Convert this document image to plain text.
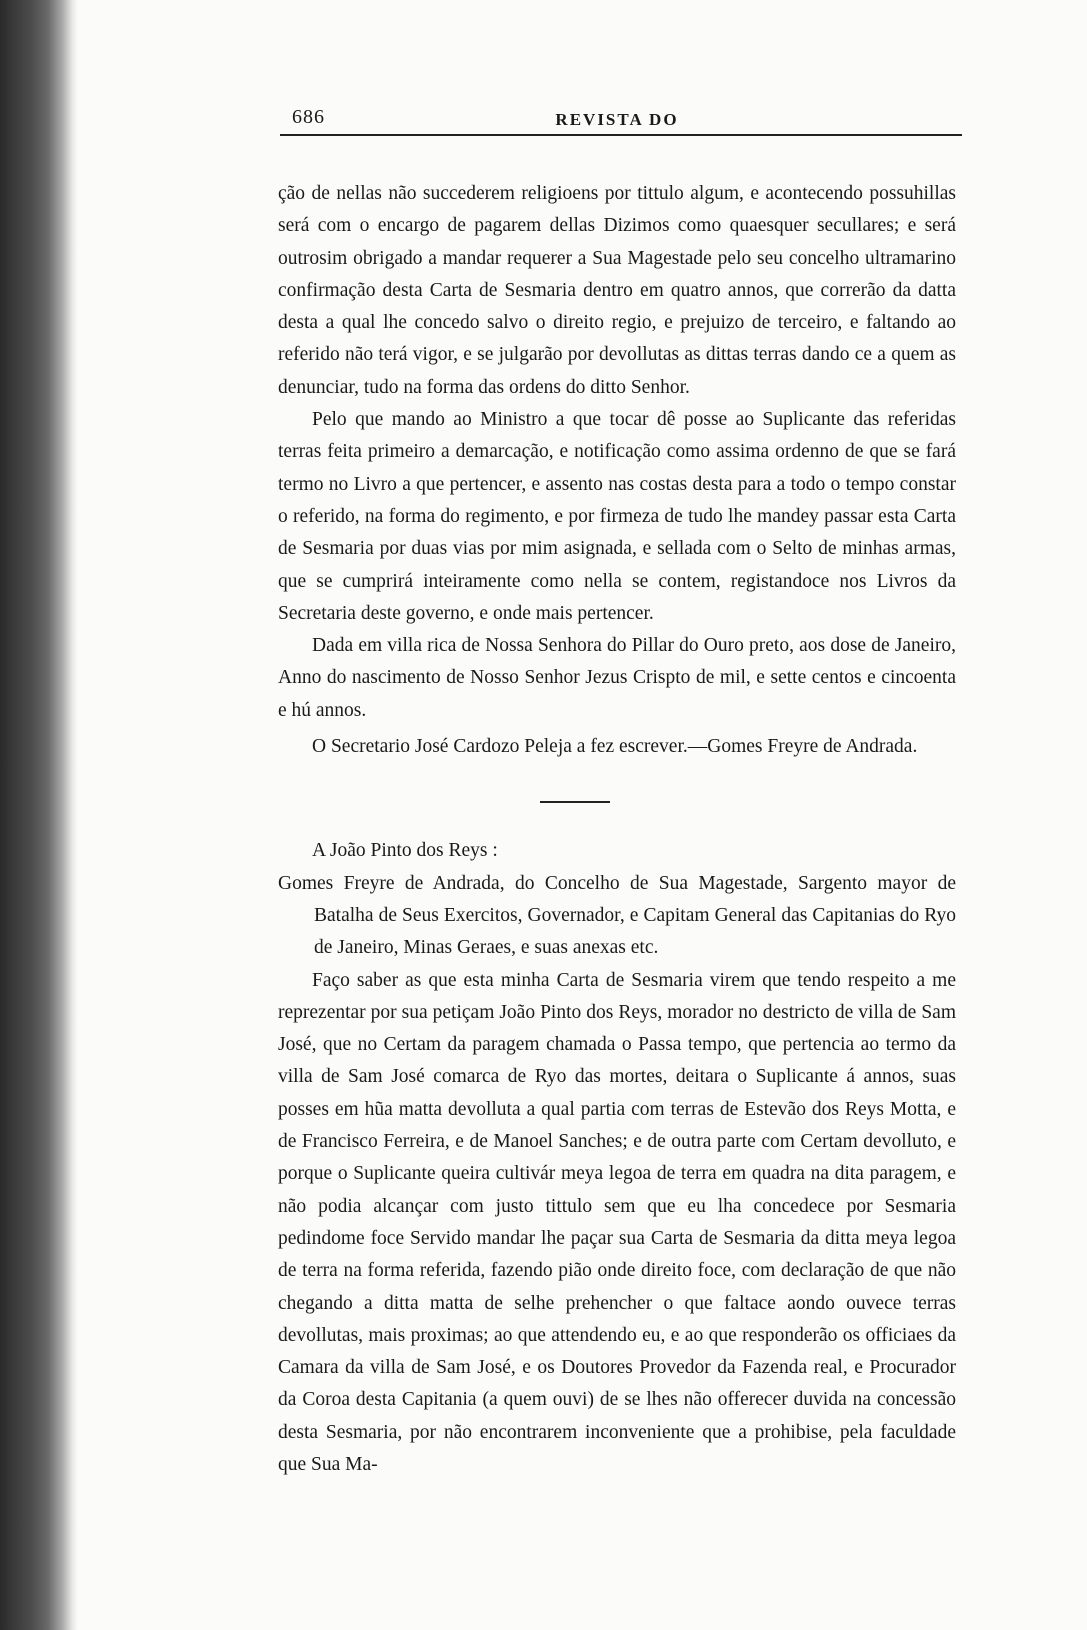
686	REVISTA DO

ção de nellas não succederem religioens por tittulo algum, e acontecendo possuhillas será com o encargo de pagarem dellas Dizimos como quaesquer secullares; e será outrosim obrigado a mandar requerer a Sua Magestade pelo seu concelho ultramarino confirmação desta Carta de Sesmaria dentro em quatro annos, que correrão da datta desta a qual lhe concedo salvo o direito regio, e prejuizo de terceiro, e faltando ao referido não terá vigor, e se julgarão por devollutas as dittas terras dando ce a quem as denunciar, tudo na forma das ordens do ditto Senhor.

Pelo que mando ao Ministro a que tocar dê posse ao Suplicante das referidas terras feita primeiro a demarcação, e notificação como assima ordenno de que se fará termo no Livro a que pertencer, e assento nas costas desta para a todo o tempo constar o referido, na forma do regimento, e por firmeza de tudo lhe mandey passar esta Carta de Sesmaria por duas vias por mim asignada, e sellada com o Selto de minhas armas, que se cumprirá inteiramente como nella se contem, registandoce nos Livros da Secretaria deste governo, e onde mais pertencer.

Dada em villa rica de Nossa Senhora do Pillar do Ouro preto, aos dose de Janeiro, Anno do nascimento de Nosso Senhor Jezus Crispto de mil, e sette centos e cincoenta e hú annos.

O Secretario José Cardozo Peleja a fez escrever.—Gomes Freyre de Andrada.

A João Pinto dos Reys :

Gomes Freyre de Andrada, do Concelho de Sua Magestade, Sargento mayor de Batalha de Seus Exercitos, Governador, e Capitam General das Capitanias do Ryo de Janeiro, Minas Geraes, e suas anexas etc.

Faço saber as que esta minha Carta de Sesmaria virem que tendo respeito a me reprezentar por sua petiçam João Pinto dos Reys, morador no destricto de villa de Sam José, que no Certam da paragem chamada o Passa tempo, que pertencia ao termo da villa de Sam José comarca de Ryo das mortes, deitara o Suplicante á annos, suas posses em hũa matta devolluta a qual partia com terras de Estevão dos Reys Motta, e de Francisco Ferreira, e de Manoel Sanches; e de outra parte com Certam devolluto, e porque o Suplicante queira cultivár meya legoa de terra em quadra na dita paragem, e não podia alcançar com justo tittulo sem que eu lha concedece por Sesmaria pedindome foce Servido mandar lhe paçar sua Carta de Sesmaria da ditta meya legoa de terra na forma referida, fazendo pião onde direito foce, com declaração de que não chegando a ditta matta de selhe prehencher o que faltace aondo ouvece terras devollutas, mais proximas; ao que attendendo eu, e ao que responderão os officiaes da Camara da villa de Sam José, e os Doutores Provedor da Fazenda real, e Procurador da Coroa desta Capitania (a quem ouvi) de se lhes não offerecer duvida na concessão desta Sesmaria, por não encontrarem inconveniente que a prohibise, pela faculdade que Sua Ma-
